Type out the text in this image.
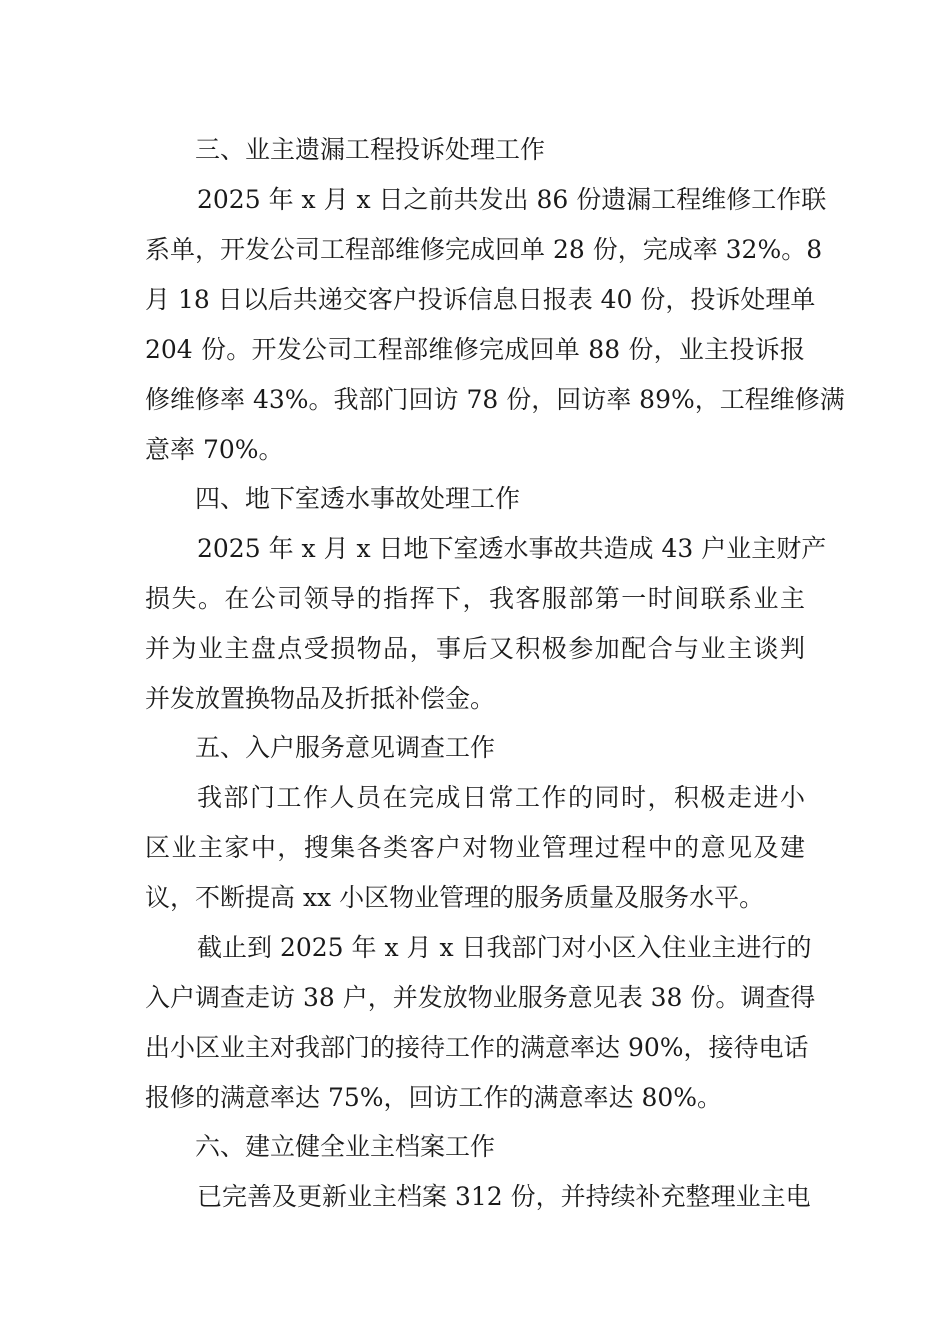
三、业主遗漏工程投诉处理工作
2025 年 x 月 x 日之前共发出 86 份遗漏工程维修工作联
系单，开发公司工程部维修完成回单 28 份，完成率 32%。8
月 18 日以后共递交客户投诉信息日报表 40 份，投诉处理单
204 份。开发公司工程部维修完成回单 88 份，业主投诉报
修维修率 43%。我部门回访 78 份，回访率 89%，工程维修满
意率 70%。
四、地下室透水事故处理工作
2025 年 x 月 x 日地下室透水事故共造成 43 户业主财产
损失。在公司领导的指挥下，我客服部第一时间联系业主
并为业主盘点受损物品，事后又积极参加配合与业主谈判
并发放置换物品及折抵补偿金。
五、入户服务意见调查工作
我部门工作人员在完成日常工作的同时，积极走进小
区业主家中，搜集各类客户对物业管理过程中的意见及建
议，不断提高 xx 小区物业管理的服务质量及服务水平。
截止到 2025 年 x 月 x 日我部门对小区入住业主进行的
入户调查走访 38 户，并发放物业服务意见表 38 份。调查得
出小区业主对我部门的接待工作的满意率达 90%，接待电话
报修的满意率达 75%，回访工作的满意率达 80%。
六、建立健全业主档案工作
已完善及更新业主档案 312 份，并持续补充整理业主电
